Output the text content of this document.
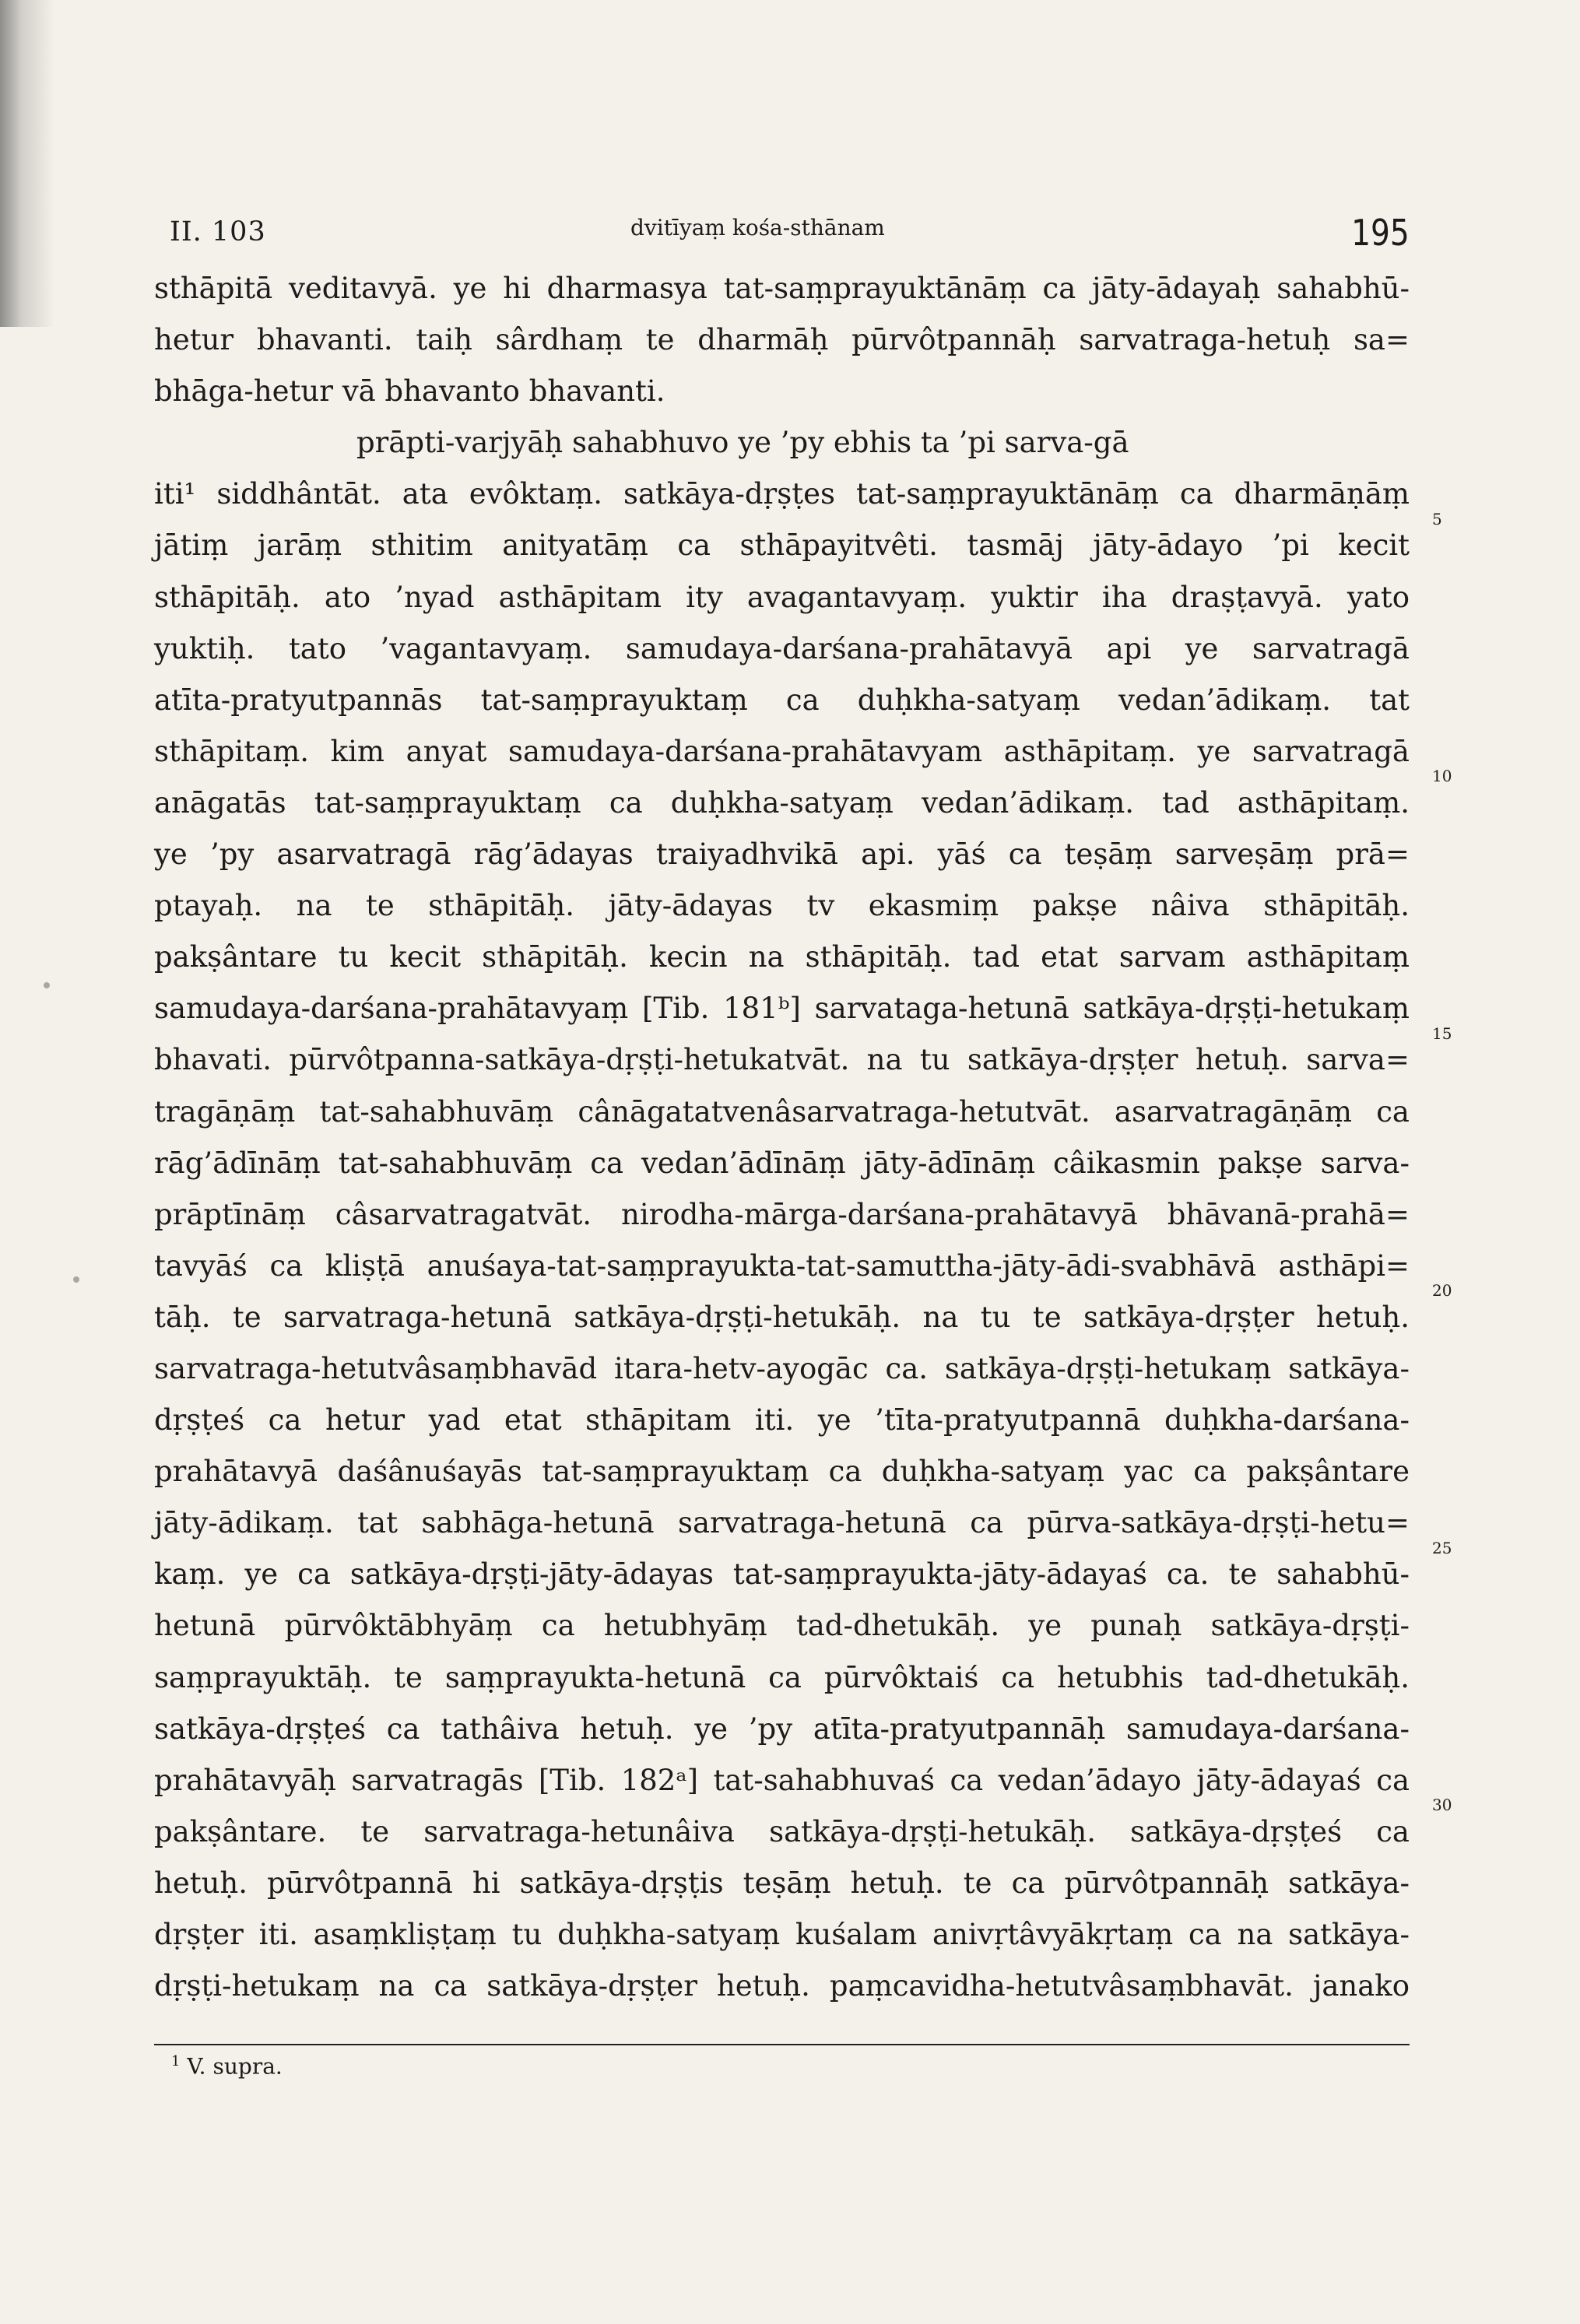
II. 103	dvitīyaṃ kośa-sthānam	195
sthāpitā veditavyā. ye hi dharmasya tat-saṃprayuktānāṃ ca jāty-ādayaḥ sahabhū-
hetur bhavanti. taiḥ sârdhaṃ te dharmāḥ pūrvôtpannāḥ sarvatraga-hetuḥ sa=
bhāga-hetur vā bhavanto bhavanti.
prāpti-varjyāḥ sahabhuvo ye ’py ebhis ta ’pi sarva-gā
iti¹ siddhântāt. ata evôktaṃ. satkāya-dṛṣṭes tat-saṃprayuktānāṃ ca dharmāṇāṃ
jātiṃ jarāṃ sthitim anityatāṃ ca sthāpayitvêti. tasmāj jāty-ādayo ’pi kecit
sthāpitāḥ. ato ’nyad asthāpitam ity avagantavyaṃ. yuktir iha draṣṭavyā. yato
yuktiḥ. tato ’vagantavyaṃ. samudaya-darśana-prahātavyā api ye sarvatragā
atīta-pratyutpannās tat-saṃprayuktaṃ ca duḥkha-satyaṃ vedan’ādikaṃ. tat
sthāpitaṃ. kim anyat samudaya-darśana-prahātavyam asthāpitaṃ. ye sarvatragā
anāgatās tat-saṃprayuktaṃ ca duḥkha-satyaṃ vedan’ādikaṃ. tad asthāpitaṃ.
ye ’py asarvatragā rāg’ādayas traiyadhvikā api. yāś ca teṣāṃ sarveṣāṃ prā=
ptayaḥ. na te sthāpitāḥ. jāty-ādayas tv ekasmiṃ pakṣe nâiva sthāpitāḥ.
pakṣântare tu kecit sthāpitāḥ. kecin na sthāpitāḥ. tad etat sarvam asthāpitaṃ
samudaya-darśana-prahātavyaṃ [Tib. 181ᵇ] sarvataga-hetunā satkāya-dṛṣṭi-hetukaṃ
bhavati. pūrvôtpanna-satkāya-dṛṣṭi-hetukatvāt. na tu satkāya-dṛṣṭer hetuḥ. sarva=
tragāṇāṃ tat-sahabhuvāṃ cânāgatatvenâsarvatraga-hetutvāt. asarvatragāṇāṃ ca
rāg’ādīnāṃ tat-sahabhuvāṃ ca vedan’ādīnāṃ jāty-ādīnāṃ câikasmin pakṣe sarva-
prāptīnāṃ câsarvatragatvāt. nirodha-mārga-darśana-prahātavyā bhāvanā-prahā=
tavyāś ca kliṣṭā anuśaya-tat-saṃprayukta-tat-samuttha-jāty-ādi-svabhāvā asthāpi=
tāḥ. te sarvatraga-hetunā satkāya-dṛṣṭi-hetukāḥ. na tu te satkāya-dṛṣṭer hetuḥ.
sarvatraga-hetutvâsaṃbhavād itara-hetv-ayogāc ca. satkāya-dṛṣṭi-hetukaṃ satkāya-
dṛṣṭeś ca hetur yad etat sthāpitam iti. ye ’tīta-pratyutpannā duḥkha-darśana-
prahātavyā daśânuśayās tat-saṃprayuktaṃ ca duḥkha-satyaṃ yac ca pakṣântare
jāty-ādikaṃ. tat sabhāga-hetunā sarvatraga-hetunā ca pūrva-satkāya-dṛṣṭi-hetu=
kaṃ. ye ca satkāya-dṛṣṭi-jāty-ādayas tat-saṃprayukta-jāty-ādayaś ca. te sahabhū-
hetunā pūrvôktābhyāṃ ca hetubhyāṃ tad-dhetukāḥ. ye punaḥ satkāya-dṛṣṭi-
saṃprayuktāḥ. te saṃprayukta-hetunā ca pūrvôktaiś ca hetubhis tad-dhetukāḥ.
satkāya-dṛṣṭeś ca tathâiva hetuḥ. ye ’py atīta-pratyutpannāḥ samudaya-darśana-
prahātavyāḥ sarvatragās [Tib. 182ᵃ] tat-sahabhuvaś ca vedan’ādayo jāty-ādayaś ca
pakṣântare. te sarvatraga-hetunâiva satkāya-dṛṣṭi-hetukāḥ. satkāya-dṛṣṭeś ca
hetuḥ. pūrvôtpannā hi satkāya-dṛṣṭis teṣāṃ hetuḥ. te ca pūrvôtpannāḥ satkāya-
dṛṣṭer iti. asaṃkliṣṭaṃ tu duḥkha-satyaṃ kuśalam anivṛtâvyākṛtaṃ ca na satkāya-
dṛṣṭi-hetukaṃ na ca satkāya-dṛṣṭer hetuḥ. paṃcavidha-hetutvâsaṃbhavāt. janako
5
10
15
20
25
30
$^1$ V. supra.
